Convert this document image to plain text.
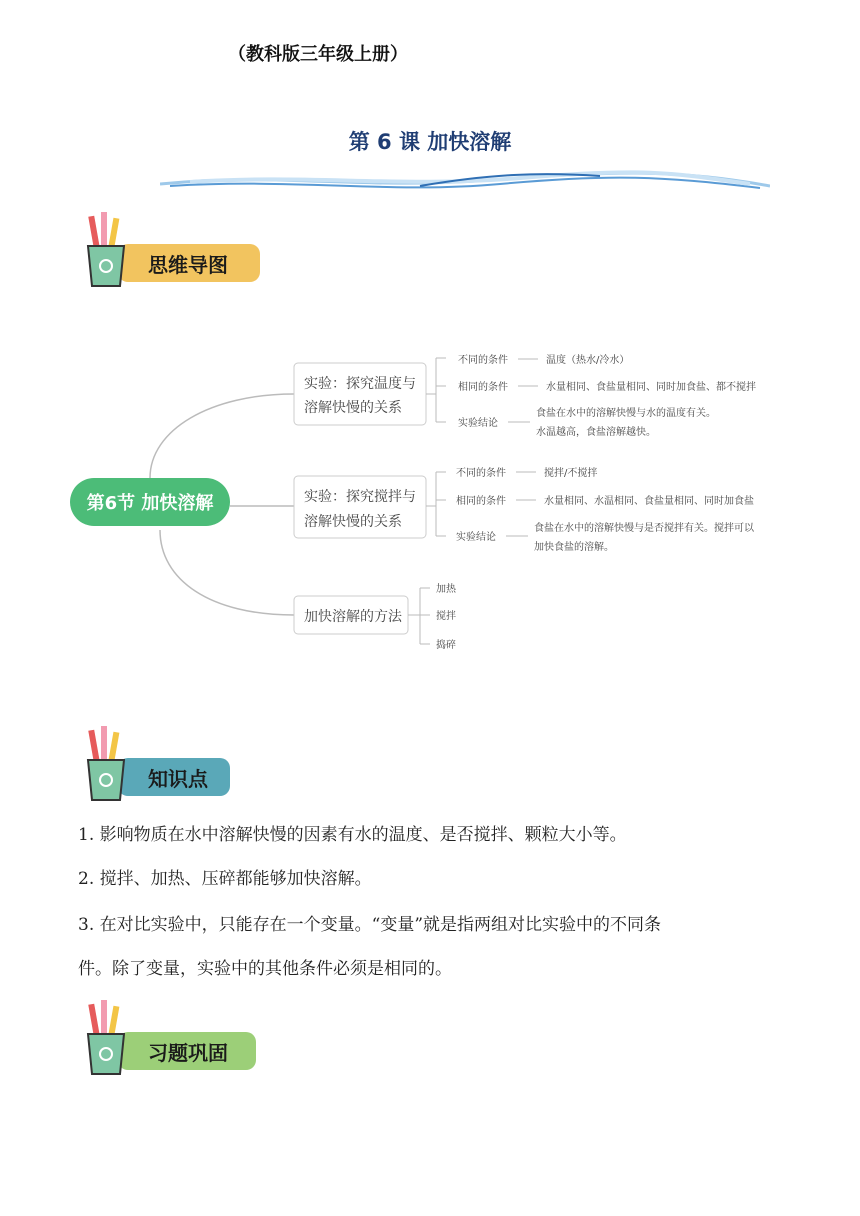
（教科版三年级上册）
第 6 课 加快溶解
思维导图
第6节 加快溶解
实验：探究温度与
溶解快慢的关系
不同的条件	温度（热水/冷水）
相同的条件	水量相同、食盐量相同、同时加食盐、都不搅拌
实验结论
食盐在水中的溶解快慢与水的温度有关。
水温越高，食盐溶解越快。
实验：探究搅拌与
溶解快慢的关系
不同的条件	搅拌/不搅拌
相同的条件	水量相同、水温相同、食盐量相同、同时加食盐
实验结论
食盐在水中的溶解快慢与是否搅拌有关。搅拌可以
加快食盐的溶解。
加快溶解的方法
加热
搅拌
捣碎
知识点
1. 影响物质在水中溶解快慢的因素有水的温度、是否搅拌、颗粒大小等。
2. 搅拌、加热、压碎都能够加快溶解。
3. 在对比实验中，只能存在一个变量。“变量”就是指两组对比实验中的不同条
件。除了变量，实验中的其他条件必须是相同的。
习题巩固
